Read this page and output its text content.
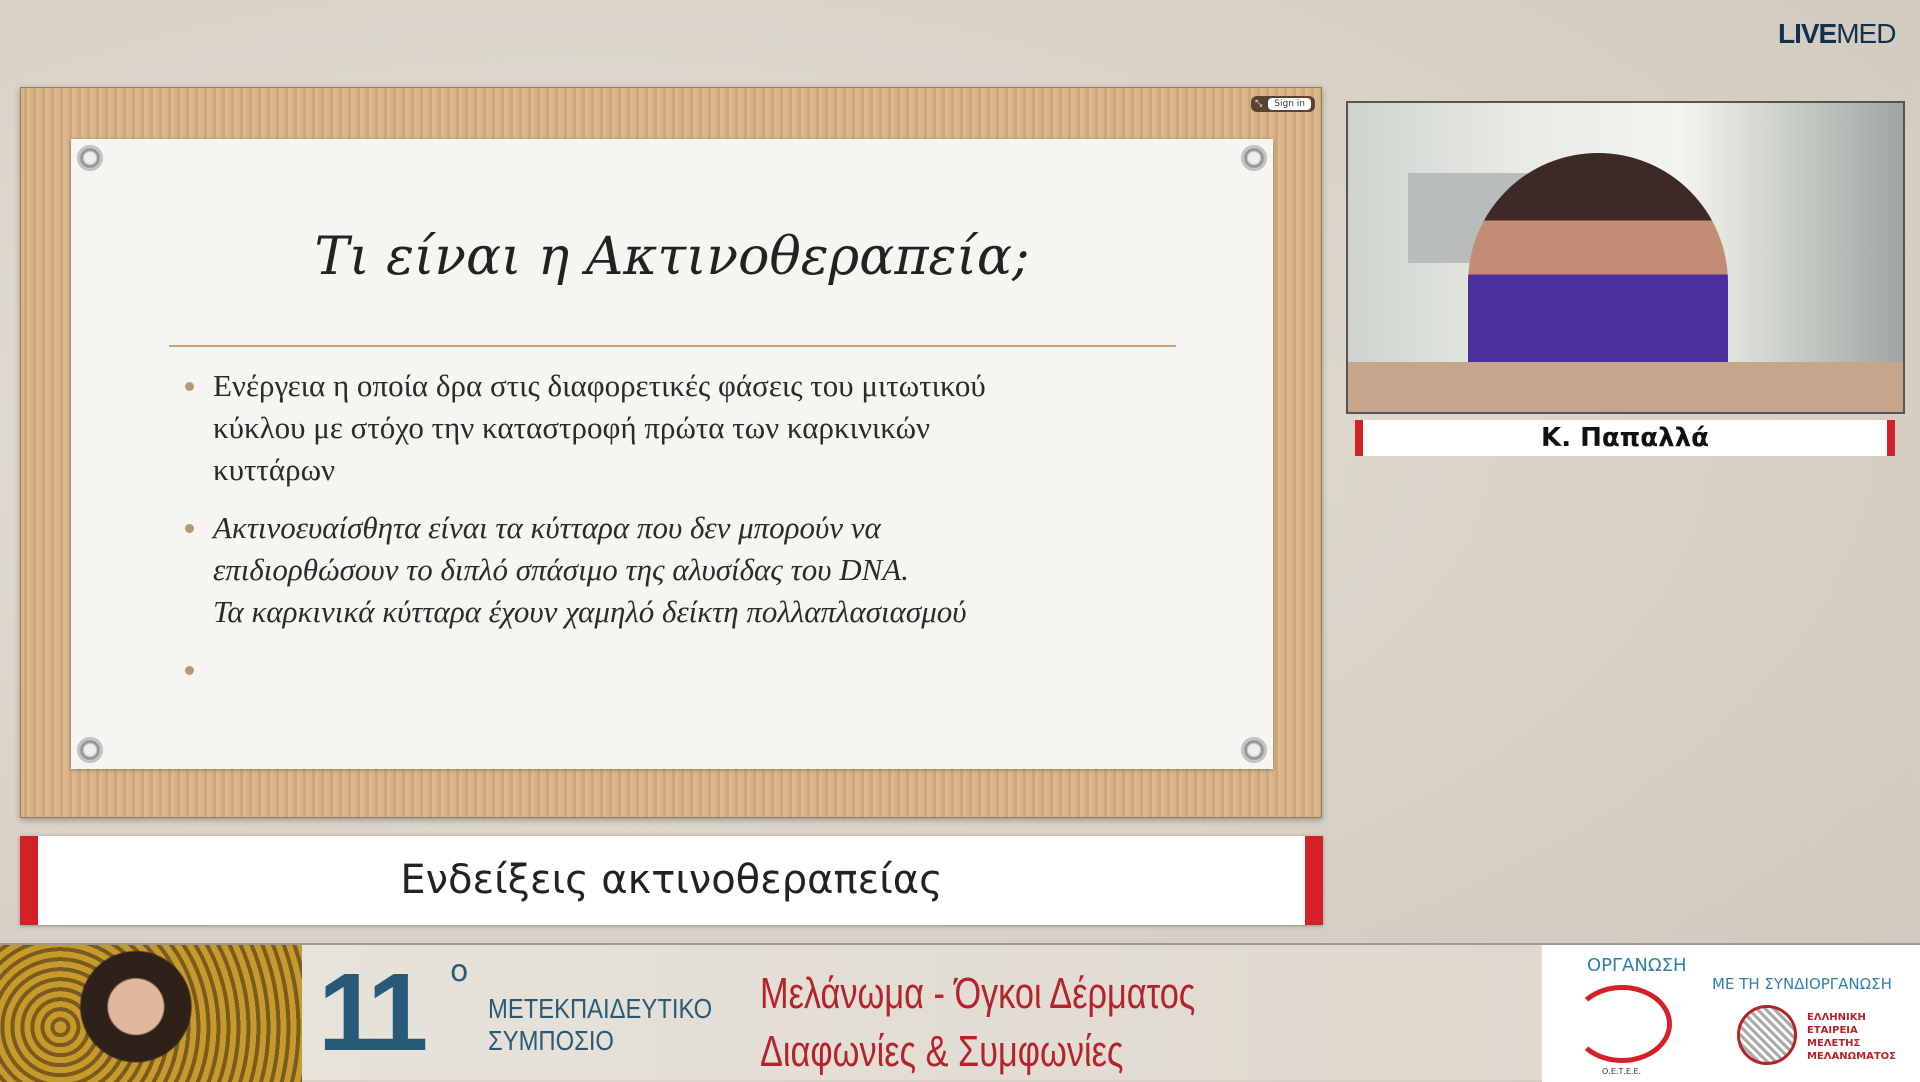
LIVEMED
⤡	Sign in
Τι είναι η Ακτινοθεραπεία;
Ενέργεια η οποία δρα στις διαφορετικές φάσεις του μιτωτικού
κύκλου με στόχο την καταστροφή πρώτα των καρκινικών
κυττάρων
Ακτινοευαίσθητα είναι τα κύτταρα που δεν μπορούν να
επιδιορθώσουν το διπλό σπάσιμο της αλυσίδας του DNA.
Τα καρκινικά κύτταρα έχουν χαμηλό δείκτη πολλαπλασιασμού
Ενδείξεις ακτινοθεραπείας
Κ. Παπαλλά
11 ο
ΜΕΤΕΚΠΑΙΔΕΥΤΙΚΟ
ΣΥΜΠΟΣΙΟ
Μελάνωμα - Όγκοι Δέρματος
Διαφωνίες & Συμφωνίες
ΟΡΓΑΝΩΣΗ
Ο.Ε.Τ.Ε.Ε.
ΜΕ ΤΗ ΣΥΝΔΙΟΡΓΑΝΩΣΗ
ΕΛΛΗΝΙΚΗ
ΕΤΑΙΡΕΙΑ
ΜΕΛΕΤΗΣ
ΜΕΛΑΝΩΜΑΤΟΣ
